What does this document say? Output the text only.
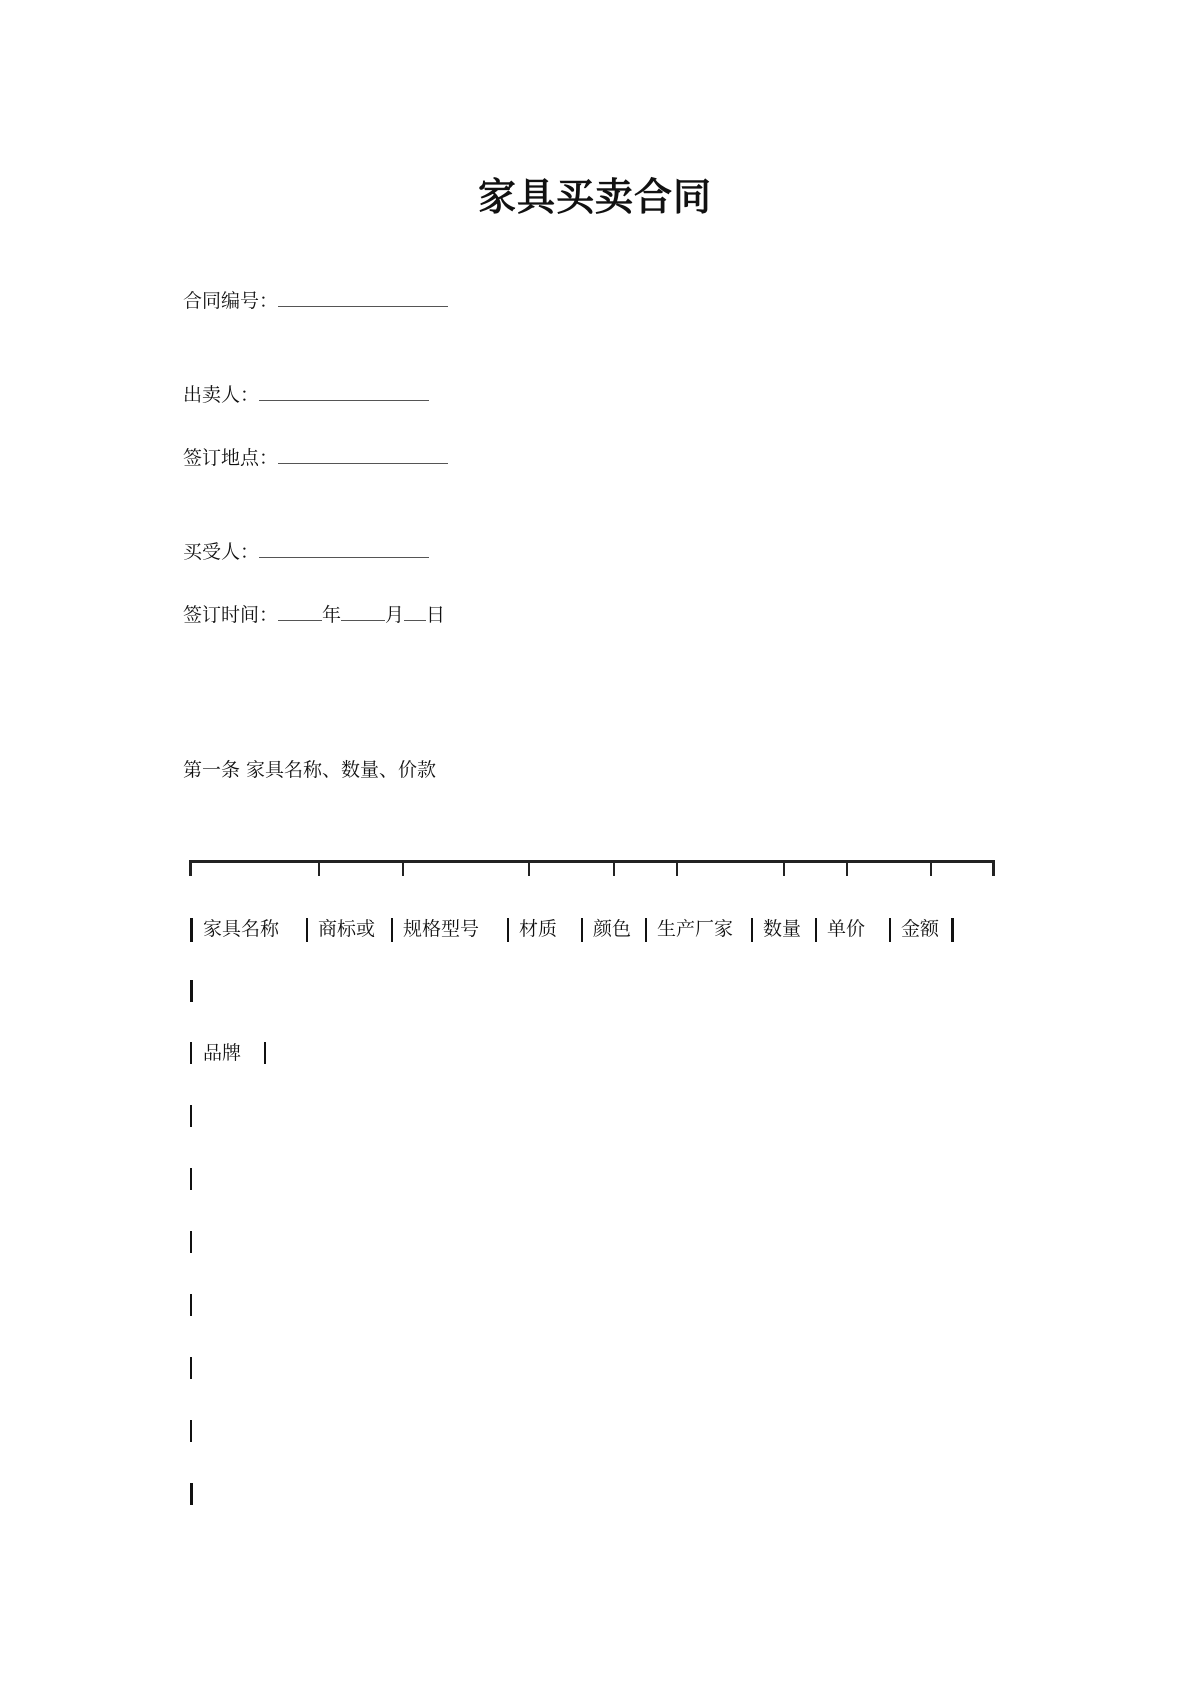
家具买卖合同
合同编号：
出卖人：
签订地点：
买受人：
签订时间： 年 月 日
第一条 家具名称、数量、价款
家具名称 商标或 规格型号 材质 颜色 生产厂家 数量 单价 金额
品牌
